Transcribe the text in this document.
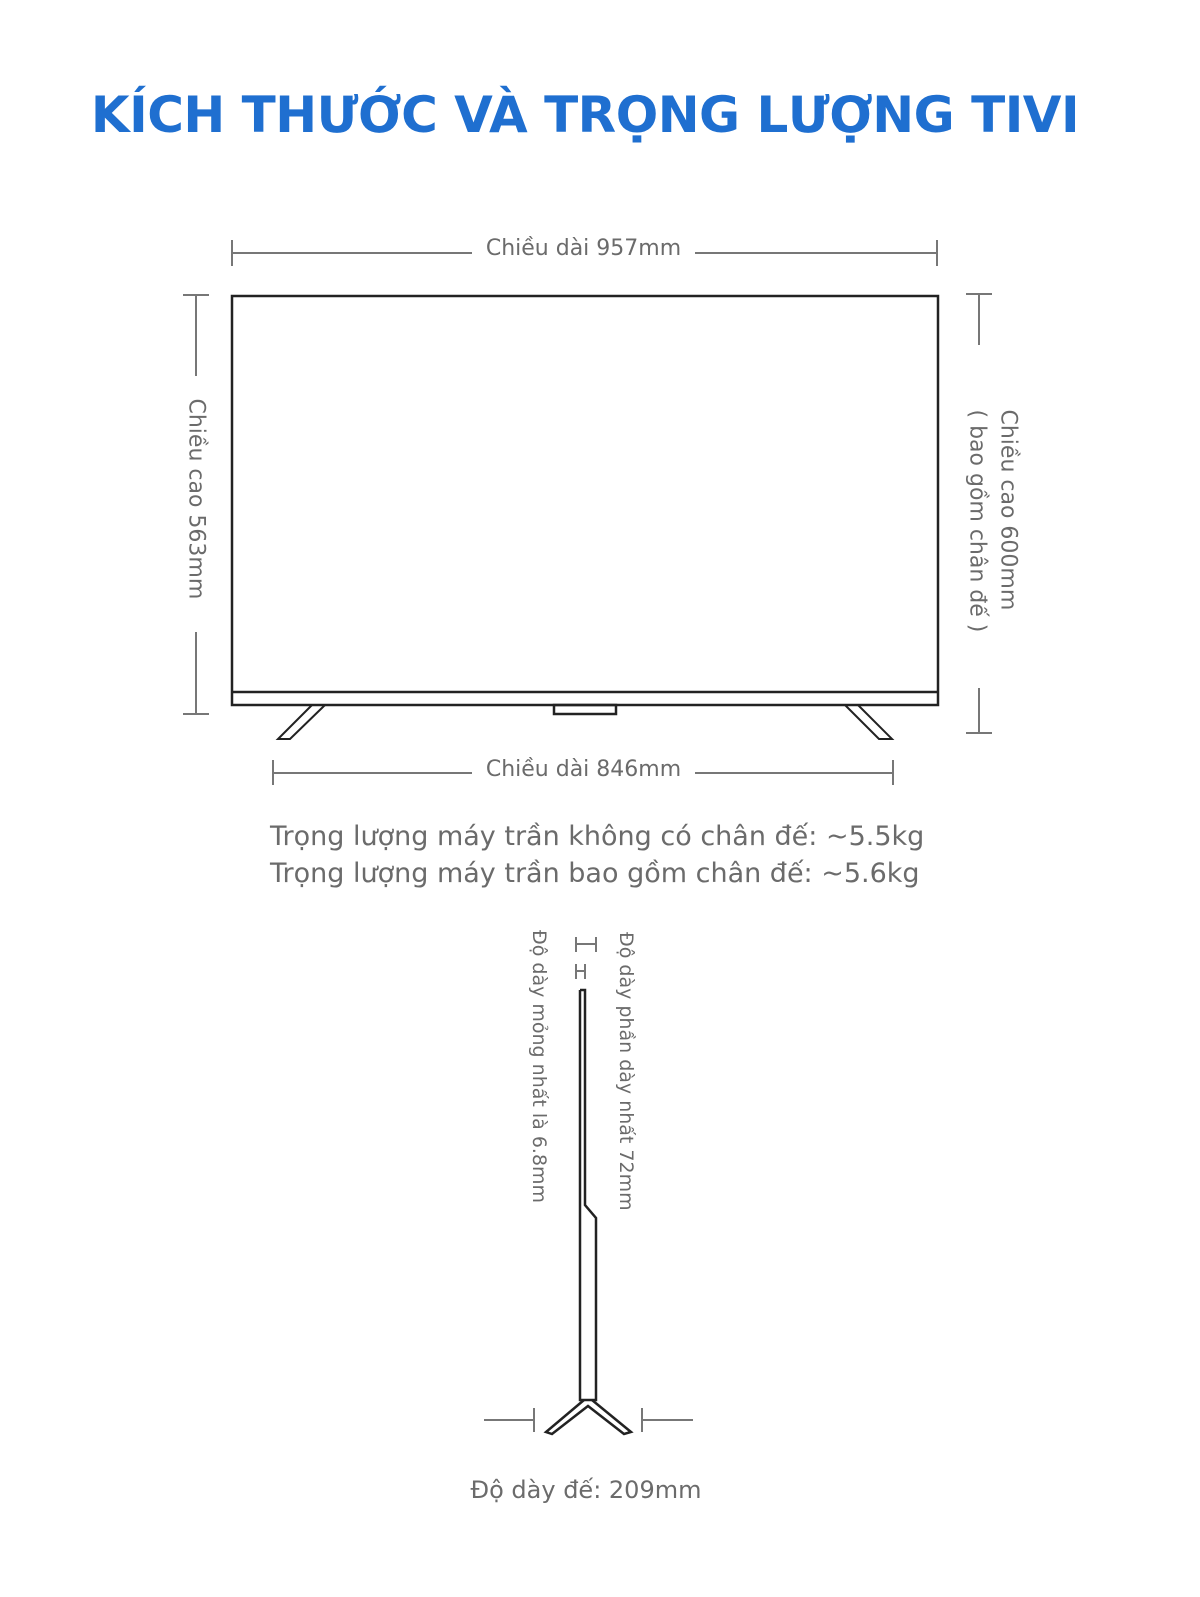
KÍCH THƯỚC VÀ TRỌNG LƯỢNG TIVI
Chiều dài 957mm
Chiều cao 563mm	Chiều cao 600mm
( bao gồm chân đế )
Chiều dài 846mm
Trọng lượng máy trần không có chân đế: ~5.5kg
Trọng lượng máy trần bao gồm chân đế: ~5.6kg
Độ dày mỏng nhất là 6.8mm	Độ dày phần dày nhất 72mm
Độ dày đế: 209mm
